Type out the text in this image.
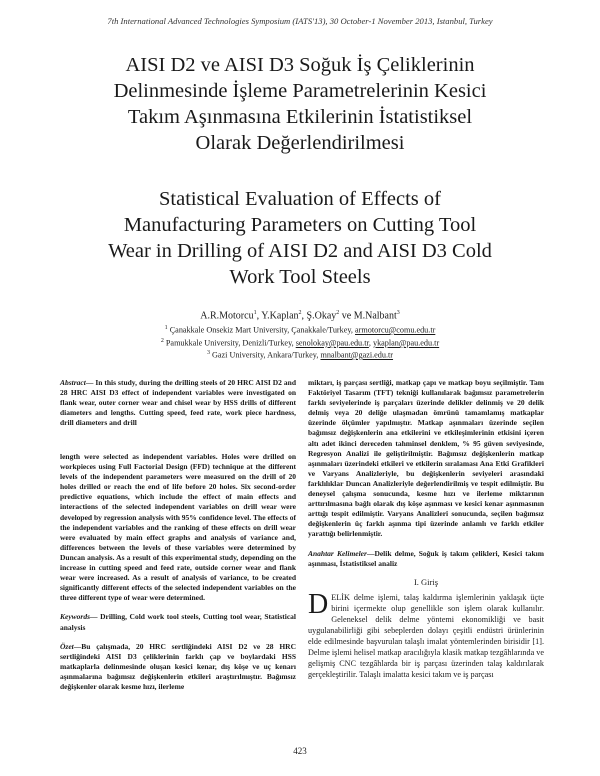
7th International Advanced Technologies Symposium (IATS'13), 30 October-1 November 2013, Istanbul, Turkey
AISI D2 ve AISI D3 Soğuk İş Çeliklerinin
Delinmesinde İşleme Parametrelerinin Kesici
Takım Aşınmasına Etkilerinin İstatistiksel
Olarak Değerlendirilmesi
Statistical Evaluation of Effects of
Manufacturing Parameters on Cutting Tool
Wear in Drilling of AISI D2 and AISI D3 Cold
Work Tool Steels
A.R.Motorcu$^1$, Y.Kaplan$^2$, Ş.Okay$^2$ ve M.Nalbant$^3$
$^1$ Çanakkale Onsekiz Mart University, Çanakkale/Turkey, armotorcu@comu.edu.tr
$^2$ Pamukkale University, Denizli/Turkey, senolokay@pau.edu.tr, ykaplan@pau.edu.tr
$^3$ Gazi University, Ankara/Turkey, mnalbant@gazi.edu.tr

Abstract— In this study, during the drilling steels of 20 HRC AISI D2 and 28 HRC AISI D3 effect of independent variables were investigated on flank wear, outer corner wear and chisel wear by HSS drills of different diameters and lengths. Cutting speed, feed rate, work piece hardness, drill diameters and drill

length were selected as independent variables. Holes were drilled on workpieces using Full Factorial Design (FFD) technique at the different levels of the independent parameters were measured on the drill of 20 holes drilled or reach the end of life before 20 holes. Six second-order predictive equations, which include the effect of main effects and interactions of the selected independent variables on drill wear were developed by regression analysis with 95% confidence level. The effects of the independent variables and the ranking of these effects on drill wear were evaluated by main effect graphs and analysis of variance and, differences between the levels of these variables were determined by Duncan analysis. As a result of this experimental study, depending on the increase in cutting speed and feed rate, outside corner wear and flank wear were increased. As a result of analysis of variance, to be created significantly different effects of the selected independent variables on the three different type of wear were determined.

Keywords— Drilling, Cold work tool steels, Cutting tool wear, Statistical analysis

Özet—Bu çalışmada, 20 HRC sertliğindeki AISI D2 ve 28 HRC sertliğindeki AISI D3 çeliklerinin farklı çap ve boylardaki HSS matkaplarla delinmesinde oluşan kesici kenar, dış köşe ve uç kenarı aşınmalarına bağımsız değişkenlerin etkileri araştırılmıştır. Bağımsız değişkenler olarak kesme hızı, ilerleme

miktarı, iş parçası sertliği, matkap çapı ve matkap boyu seçilmiştir. Tam Faktöriyel Tasarım (TFT) tekniği kullanılarak bağımsız parametrelerin farklı seviyelerinde iş parçaları üzerinde delikler delinmiş ve 20 delik delmiş veya 20 deliğe ulaşmadan ömrünü tamamlamış matkaplar üzerinde ölçümler yapılmıştır. Matkap aşınmaları üzerinde seçilen bağımsız değişkenlerin ana etkilerini ve etkileşimlerinin etkisini içeren altı adet ikinci dereceden tahminsel denklem, % 95 güven seviyesinde, Regresyon Analizi ile geliştirilmiştir. Bağımsız değişkenlerin matkap aşınmaları üzerindeki etkileri ve etkilerin sıralaması Ana Etki Grafikleri ve Varyans Analizleriyle, bu değişkenlerin seviyeleri arasındaki farklılıklar Duncan Analizleriyle değerlendirilmiş ve tespit edilmiştir. Bu deneysel çalışma sonucunda, kesme hızı ve ilerleme miktarının arttırılmasına bağlı olarak dış köşe aşınması ve kesici kenar aşınmasının arttığı tespit edilmiştir. Varyans Analizleri sonucunda, seçilen bağımsız değişkenlerin üç farklı aşınma tipi üzerinde anlamlı ve farklı etkiler yarattığı belirlenmiştir.

Anahtar Kelimeler—Delik delme, Soğuk iş takım çelikleri, Kesici takım aşınması, İstatistiksel analiz

I. Giriş

DELİK delme işlemi, talaş kaldırma işlemlerinin yaklaşık üçte birini içermekte olup genellikle son işlem olarak kullanılır. Geleneksel delik delme yöntemi ekonomikliği ve basit uygulanabilirliği gibi sebeplerden dolayı çeşitli endüstri ürünlerinin elde edilmesinde başvurulan talaşlı imalat yöntemlerinden birisidir [1]. Delme işlemi helisel matkap aracılığıyla klasik matkap tezgâhlarında ve gelişmiş CNC tezgâhlarda bir iş parçası üzerinden talaş kaldırılarak gerçekleştirilir. Talaşlı imalatta kesici takım ve iş parçası

423
